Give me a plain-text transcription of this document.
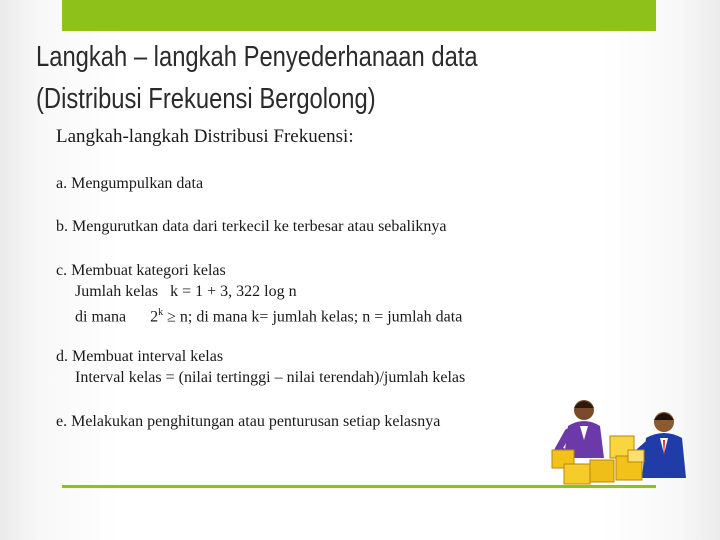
Langkah – langkah Penyederhanaan data
(Distribusi Frekuensi Bergolong)
Langkah-langkah Distribusi Frekuensi:
a. Mengumpulkan data
b. Mengurutkan data dari terkecil ke terbesar atau sebaliknya
c. Membuat kategori kelas
Jumlah kelas   k = 1 + 3, 322 log n
di mana      $2^k \ge n$; di mana k= jumlah kelas; n = jumlah data
d. Membuat interval kelas
Interval kelas = (nilai tertinggi – nilai terendah)/jumlah kelas
e. Melakukan penghitungan atau penturusan setiap kelasnya
